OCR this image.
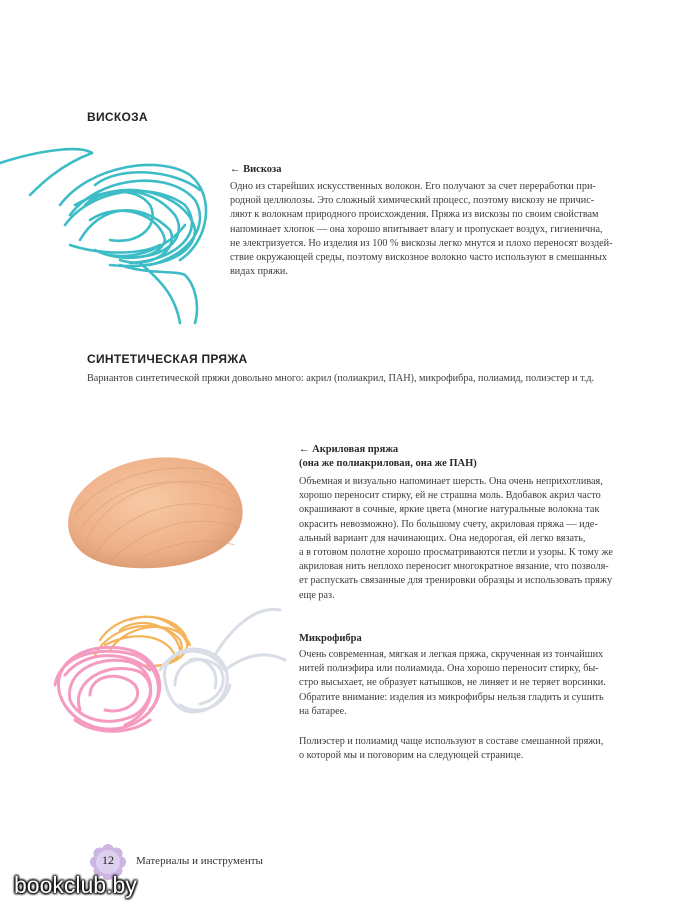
ВИСКОЗА
← Вискоза
Одно из старейших искусственных волокон. Его получают за счет переработки при-
родной целлюлозы. Это сложный химический процесс, поэтому вискозу не причис-
ляют к волокнам природного происхождения. Пряжа из вискозы по своим свойствам
напоминает хлопок — она хорошо впитывает влагу и пропускает воздух, гигиенична,
не электризуется. Но изделия из 100 % вискозы легко мнутся и плохо переносят воздей-
ствие окружающей среды, поэтому вискозное волокно часто используют в смешанных
видах пряжи.
СИНТЕТИЧЕСКАЯ ПРЯЖА
Вариантов синтетической пряжи довольно много: акрил (полиакрил, ПАН), микрофибра, полиамид, полиэстер и т.д.
← Акриловая пряжа
(она же полиакриловая, она же ПАН)
Объемная и визуально напоминает шерсть. Она очень неприхотливая,
хорошо переносит стирку, ей не страшна моль. Вдобавок акрил часто
окрашивают в сочные, яркие цвета (многие натуральные волокна так
окрасить невозможно). По большому счету, акриловая пряжа — иде-
альный вариант для начинающих. Она недорогая, ей легко вязать,
а в готовом полотне хорошо просматриваются петли и узоры. К тому же
акриловая нить неплохо переносит многократное вязание, что позволя-
ет распускать связанные для тренировки образцы и использовать пряжу
еще раз.
Микрофибра
Очень современная, мягкая и легкая пряжа, скрученная из тончайших
нитей полиэфира или полиамида. Она хорошо переносит стирку, бы-
стро высыхает, не образует катышков, не линяет и не теряет ворсинки.
Обратите внимание: изделия из микрофибры нельзя гладить и сушить
на батарее.
Полиэстер и полиамид чаще используют в составе смешанной пряжи,
о которой мы и поговорим на следующей странице.
12	Материалы и инструменты
bookclub.by
